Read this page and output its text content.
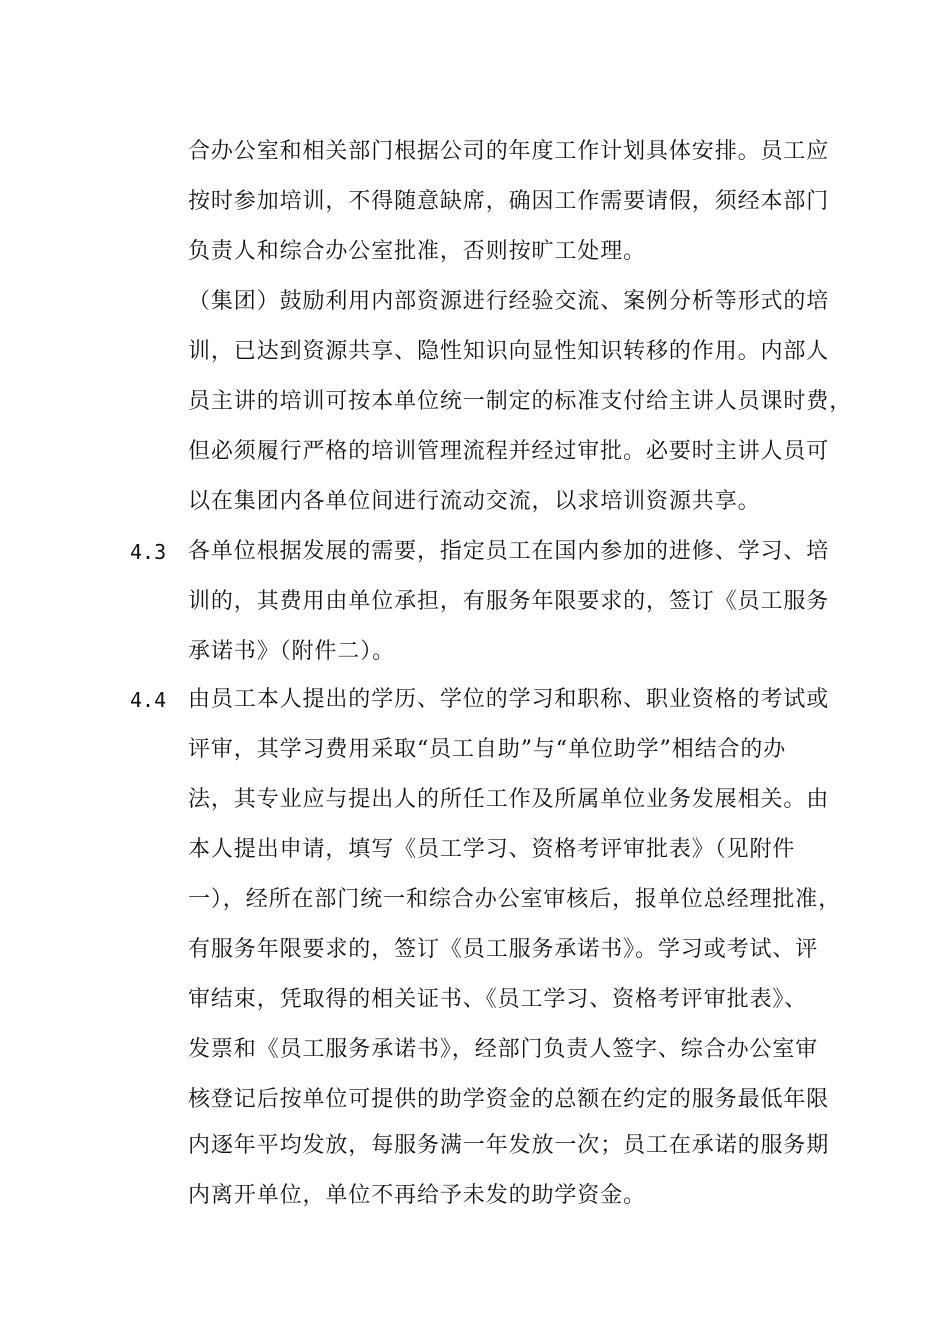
合办公室和相关部门根据公司的年度工作计划具体安排。员工应
按时参加培训，不得随意缺席，确因工作需要请假，须经本部门
负责人和综合办公室批准，否则按旷工处理。
（集团）鼓励利用内部资源进行经验交流、案例分析等形式的培
训，已达到资源共享、隐性知识向显性知识转移的作用。内部人
员主讲的培训可按本单位统一制定的标准支付给主讲人员课时费，
但必须履行严格的培训管理流程并经过审批。必要时主讲人员可
以在集团内各单位间进行流动交流，以求培训资源共享。
4.3 各单位根据发展的需要，指定员工在国内参加的进修、学习、培
训的，其费用由单位承担，有服务年限要求的，签订《员工服务
承诺书》（附件二）。
4.4 由员工本人提出的学历、学位的学习和职称、职业资格的考试或
评审，其学习费用采取“员工自助”与“单位助学”相结合的办
法，其专业应与提出人的所任工作及所属单位业务发展相关。由
本人提出申请，填写《员工学习、资格考评审批表》（见附件
一），经所在部门统一和综合办公室审核后，报单位总经理批准，
有服务年限要求的，签订《员工服务承诺书》。学习或考试、评
审结束，凭取得的相关证书、《员工学习、资格考评审批表》、
发票和《员工服务承诺书》，经部门负责人签字、综合办公室审
核登记后按单位可提供的助学资金的总额在约定的服务最低年限
内逐年平均发放，每服务满一年发放一次；员工在承诺的服务期
内离开单位，单位不再给予未发的助学资金。
